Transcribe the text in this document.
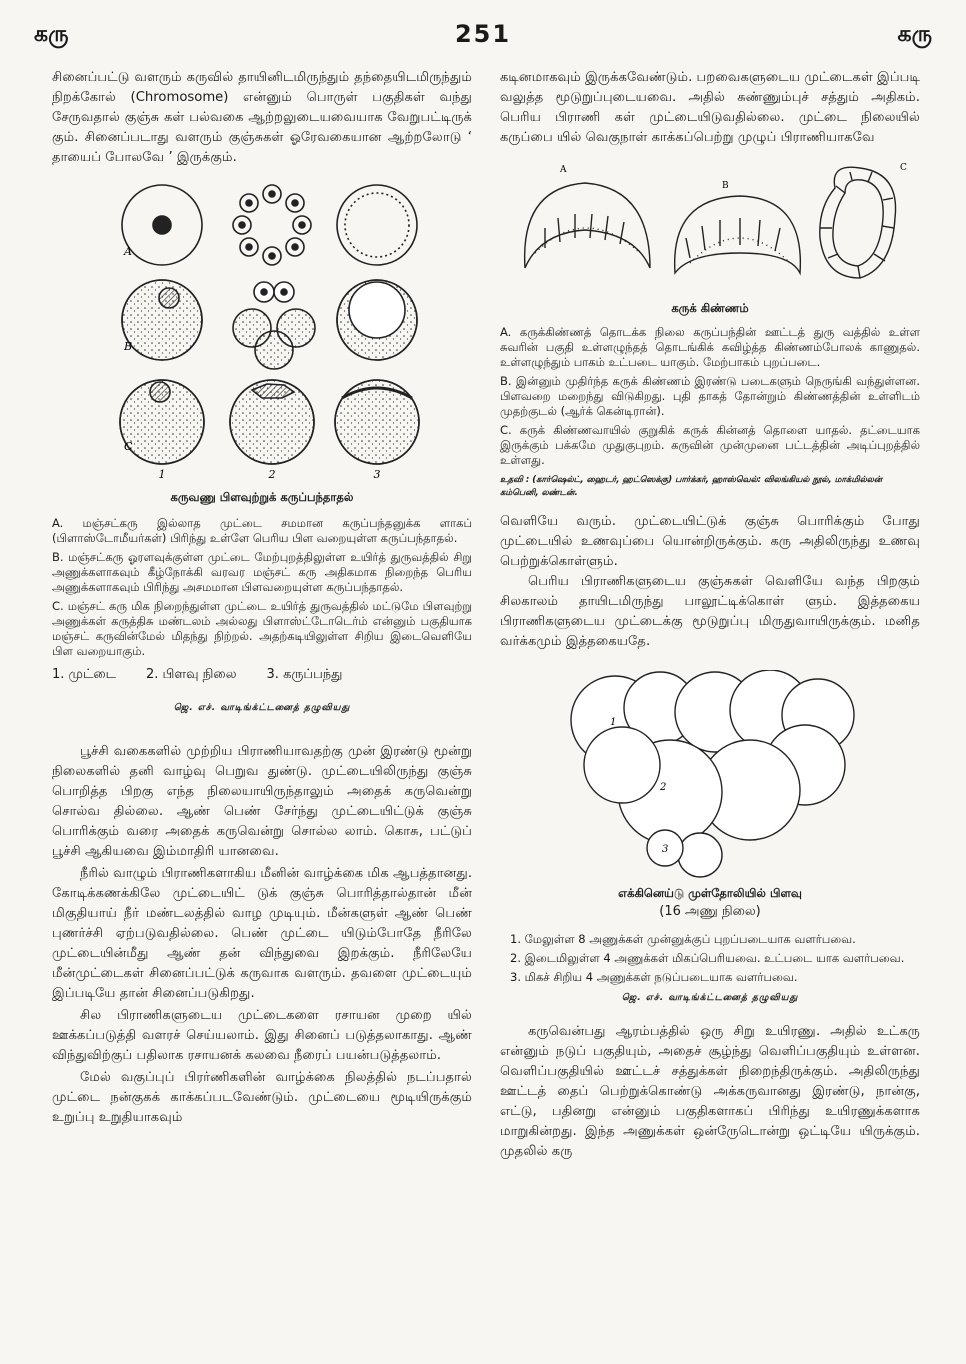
கரு	251	கரு

சினைப்பட்டு வளரும் கருவில் தாயினிடமிருந்தும் தந்தையிடமிருந்தும் நிறக்கோல் (Chromosome) என்னும் பொருள் பகுதிகள் வந்து சேருவதால் குஞ்சு கள் பல்வகை ஆற்றலுடையவையாக வேறுபட்டிருக் கும். சினைப்படாது வளரும் குஞ்சுகள் ஓரேவகையான ஆற்றலோடு ‘ தாயைப் போலவே ’ இருக்கும்.

A
B
C
1	2	3

கருவணு பிளவுற்றுக் கருப்பந்தாதல்

A. மஞ்சட்கரு இல்லாத முட்டை சமமான கருப்பந்தனுக்க ளாகப் (பிளாஸ்டோமீயர்கள்) பிரிந்து உள்ளே பெரிய பிள வறையுள்ள கருப்பந்தாதல்.

B. மஞ்சட்கரு ஓரளவுக்குள்ள முட்டை மேற்புறத்திலுள்ள உயிர்த் துருவத்தில் சிறு அணுக்களாகவும் கீழ்நோக்கி வரவர மஞ்சட் கரு அதிகமாக நிறைந்த பெரிய அணுக்களாகவும் பிரிந்து அசமமான பிளவறையுள்ள கருப்பந்தாதல்.

C. மஞ்சட் கரு மிக நிறைந்துள்ள முட்டை உயிர்த் துருவத்தில் மட்டுமே பிளவுற்று அணுக்கள் கருத்திசு மண்டலம் அல்லது பிளாஸ்ட்டோடெர்ம் என்னும் பகுதியாக மஞ்சட் கருவின்மேல் மிதந்து நிற்றல். அதற்கடியிலுள்ள சிறிய இடைவெளியே பிள வறையாகும்.

1. முட்டை 2. பிளவு நிலை 3. கருப்பந்து

ஜெ. எச். வாடிங்க்ட்டனைத் தழுவியது

பூச்சி வகைகளில் முற்றிய பிராணியாவதற்கு முன் இரண்டு மூன்று நிலைகளில் தனி வாழ்வு பெறுவ துண்டு. முட்டையிலிருந்து குஞ்சு பொறித்த பிறகு எந்த நிலையாயிருந்தாலும் அதைக் கருவென்று சொல்வ தில்லை. ஆண் பெண் சேர்ந்து முட்டையிட்டுக் குஞ்சு பொரிக்கும் வரை அதைக் கருவென்று சொல்ல லாம். கொசு, பட்டுப் பூச்சி ஆகியவை இம்மாதிரி யானவை.

நீரில் வாழும் பிராணிகளாகிய மீனின் வாழ்க்கை மிக ஆபத்தானது. கோடிக்கணக்கிலே முட்டையிட் டுக் குஞ்சு பொரித்தால்தான் மீன் மிகுதியாய் நீர் மண்டலத்தில் வாழ முடியும். மீன்களுள் ஆண் பெண் புணர்ச்சி ஏற்படுவதில்லை. பெண் முட்டை யிடும்போதே நீரிலே முட்டையின்மீது ஆண் தன் விந்துவை இறக்கும். நீரிலேயே மீன்முட்டைகள் சினைப்பட்டுக் கருவாக வளரும். தவளை முட்டையும் இப்படியே தான் சினைப்படுகிறது.

சில பிராணிகளுடைய முட்டைகளை ரசாயன முறை யில் ஊக்கப்படுத்தி வளரச் செய்யலாம். இது சினைப் படுத்தலாகாது. ஆண் விந்துவிற்குப் பதிலாக ரசாயனக் கலவை நீரைப் பயன்படுத்தலாம்.

மேல் வகுப்புப் பிரர்ணிகளின் வாழ்க்கை நிலத்தில் நடப்பதால் முட்டை நன்குகக் காக்கப்படவேண்டும். முட்டையை மூடியிருக்கும் உறுப்பு உறுதியாகவும்

கடினமாகவும் இருக்கவேண்டும். பறவைகளுடைய முட்டைகள் இப்படி வலுத்த மூடுறுப்புடையவை. அதில் சுண்ணும்புச் சத்தும் அதிகம். பெரிய பிராணி கள் முட்டையிடுவதில்லை. முட்டை நிலையில் கருப்பை யில் வெகுநாள் காக்கப்பெற்று முழுப் பிராணியாகவே

A
B
C

கருக் கிண்ணம்

A. கருக்கிண்ணத் தொடக்க நிலை கருப்பந்தின் ஊட்டத் துரு வத்தில் உள்ள சுவரின் பகுதி உள்ளழுந்தத் தொடங்கிக் கவிழ்த்த கிண்ணம்போலக் காணுதல். உள்ளழுந்தும் பாகம் உட்படை யாகும். மேற்பாகம் புறப்படை.

B. இன்னும் முதிர்ந்த கருக் கிண்ணம் இரண்டு படைகளும் நெருங்கி வந்துள்ளன. பிளவறை மறைந்து விடுகிறது. புதி தாகத் தோன்றும் கிண்ணத்தின் உள்ளிடம் முதற்குடல் (ஆர்க் கென்டிரான்).

C. கருக் கிண்ணவாயில் குறுகிக் கருக் கின்னத் தொளை யாதல். தட்டையாக இருக்கும் பக்கமே முதுகுபுறம். கருவின் முன்முனை பட்டத்தின் அடிப்புறத்தில் உள்ளது.

உதவி : (கார்ஷெல்ட், ஹைடர், ஹட்ஸெக்கு) பார்க்கர், ஹாஸ்வெல்: விலங்கியல் நூல், மாக்மில்லன் கம்பெனி, லண்டன்.

வெளியே வரும். முட்டையிட்டுக் குஞ்சு பொரிக்கும் போது முட்டையில் உணவுப்பை யொன்றிருக்கும். கரு அதிலிருந்து உணவு பெற்றுக்கொள்ளும்.

பெரிய பிராணிகளுடைய குஞ்சுகள் வெளியே வந்த பிறகும் சிலகாலம் தாயிடமிருந்து பாலூட்டிக்கொள் ளும். இத்தகைய பிராணிகளுடைய முட்டைக்கு மூடுறுப்பு மிருதுவாயிருக்கும். மனித வர்க்கமும் இத்தகையதே.

1
2
3

எக்கினெய்டு முள்தோலியில் பிளவு

(16 அணு நிலை)

1. மேலுள்ள 8 அணுக்கள் முன்னுக்குப் புறப்படையாக வளர்பவை.

2. இடைமிலுள்ள 4 அணுக்கள் மிகப்பெரியவை. உட்படை யாக வளர்பவை.

3. மிகச் சிறிய 4 அணுக்கள் நடுப்படையாக வளர்பவை.

ஜெ. எச். வாடிங்க்ட்டனைத் தழுவியது

கருவென்பது ஆரம்பத்தில் ஒரு சிறு உயிரணு. அதில் உட்கரு என்னும் நடுப் பகுதியும், அதைச் சூழ்ந்து வெளிப்பகுதியும் உள்ளன. வெளிப்பகுதியில் ஊட்டச் சத்துக்கள் நிறைந்திருக்கும். அதிலிருந்து ஊட்டத் தைப் பெற்றுக்கொண்டு அக்கருவானது இரண்டு, நான்கு, எட்டு, பதினறு என்னும் பகுதிகளாகப் பிரிந்து உயிரணுக்களாக மாறுகின்றது. இந்த அணுக்கள் ஒன்ருேடொன்று ஒட்டியே யிருக்கும். முதலில் கரு
